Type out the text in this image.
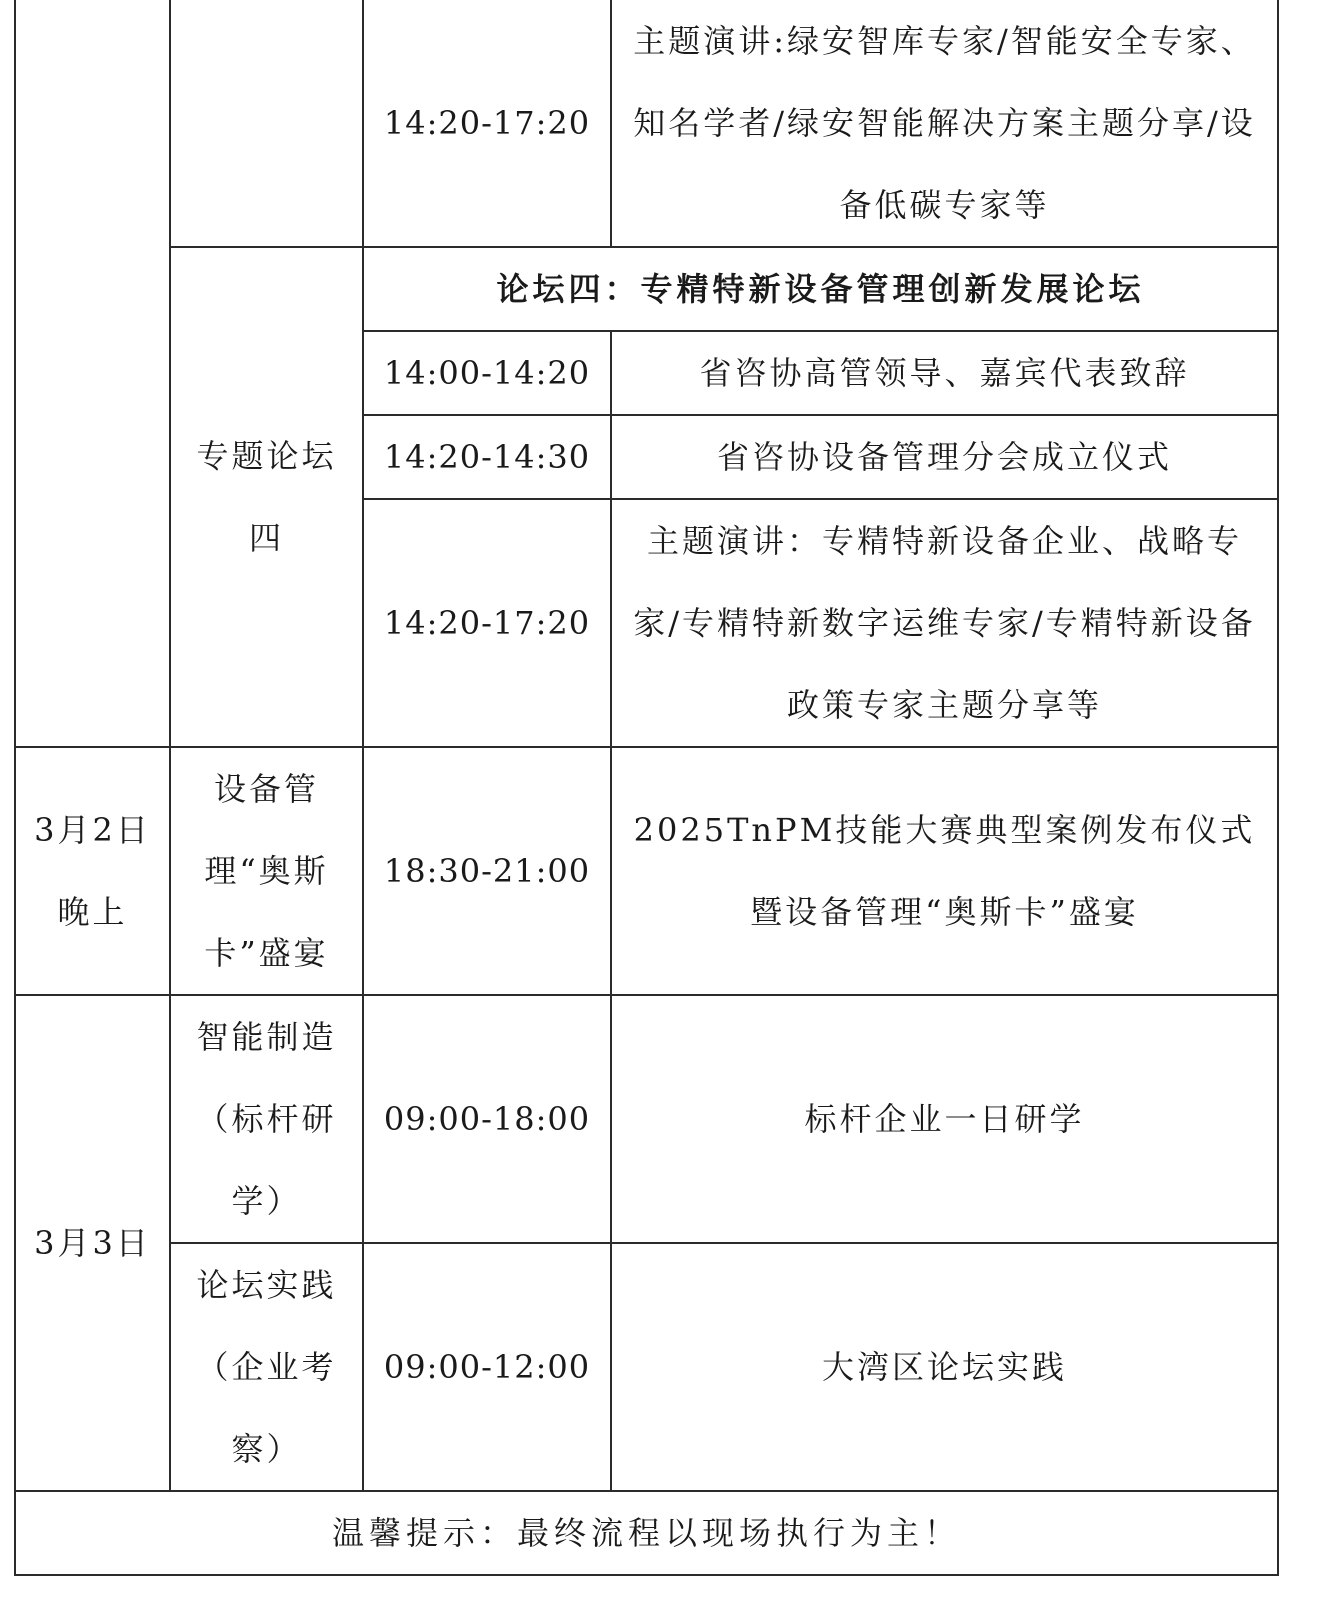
		14:20-17:20	主题演讲:绿安智库专家/智能安全专家、知名学者/绿安智能解决方案主题分享/设备低碳专家等
	专题论坛四	论坛四：专精特新设备管理创新发展论坛	
		14:00-14:20	省咨协高管领导、嘉宾代表致辞
		14:20-14:30	省咨协设备管理分会成立仪式
		14:20-17:20	主题演讲：专精特新设备企业、战略专家/专精特新数字运维专家/专精特新设备政策专家主题分享等

3月2日晚上	设备管理“奥斯卡”盛宴	18:30-21:00	2025TnPM技能大赛典型案例发布仪式暨设备管理“奥斯卡”盛宴
3月3日	智能制造（标杆研学）	09:00-18:00	标杆企业一日研学
	论坛实践（企业考察）	09:00-12:00	大湾区论坛实践
温馨提示：最终流程以现场执行为主！			
